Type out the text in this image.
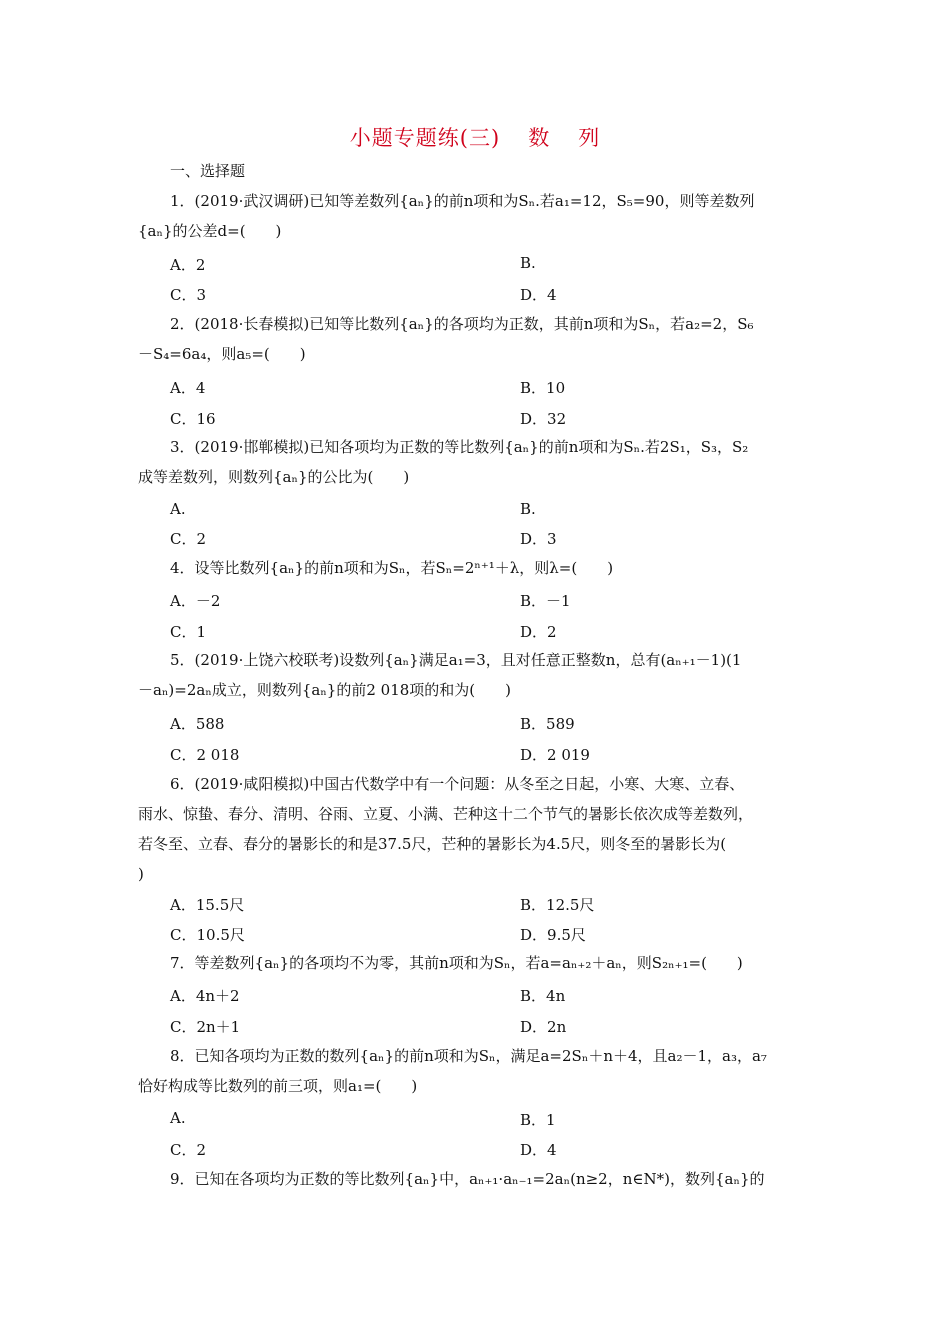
小题专题练(三) 数 列
一、选择题
1．(2019·武汉调研)已知等差数列{aₙ}的前n项和为Sₙ.若a₁=12，S₅=90，则等差数列
{aₙ}的公差d=(　　)
A．2	B.
C．3	D．4
2．(2018·长春模拟)已知等比数列{aₙ}的各项均为正数，其前n项和为Sₙ，若a₂=2，S₆
－S₄=6a₄，则a₅=(　　)
A．4	B．10
C．16	D．32
3．(2019·邯郸模拟)已知各项均为正数的等比数列{aₙ}的前n项和为Sₙ.若2S₁，S₃，S₂
成等差数列，则数列{aₙ}的公比为(　　)
A.	B.
C．2	D．3
4．设等比数列{aₙ}的前n项和为Sₙ，若Sₙ=2ⁿ⁺¹＋λ，则λ=(　　)
A．－2	B．－1
C．1	D．2
5．(2019·上饶六校联考)设数列{aₙ}满足a₁=3，且对任意正整数n，总有(aₙ₊₁－1)(1
－aₙ)=2aₙ成立，则数列{aₙ}的前2 018项的和为(　　)
A．588	B．589
C．2 018	D．2 019
6．(2019·咸阳模拟)中国古代数学中有一个问题：从冬至之日起，小寒、大寒、立春、
雨水、惊蛰、春分、清明、谷雨、立夏、小满、芒种这十二个节气的暑影长依次成等差数列，
若冬至、立春、春分的暑影长的和是37.5尺，芒种的暑影长为4.5尺，则冬至的暑影长为(
)
A．15.5尺	B．12.5尺
C．10.5尺	D．9.5尺
7．等差数列{aₙ}的各项均不为零，其前n项和为Sₙ，若a=aₙ₊₂＋aₙ，则S₂ₙ₊₁=(　　)
A．4n＋2	B．4n
C．2n＋1	D．2n
8．已知各项均为正数的数列{aₙ}的前n项和为Sₙ，满足a=2Sₙ＋n＋4，且a₂－1，a₃，a₇
恰好构成等比数列的前三项，则a₁=(　　)
A.	B．1
C．2	D．4
9．已知在各项均为正数的等比数列{aₙ}中，aₙ₊₁·aₙ₋₁=2aₙ(n≥2，n∈N*)，数列{aₙ}的
